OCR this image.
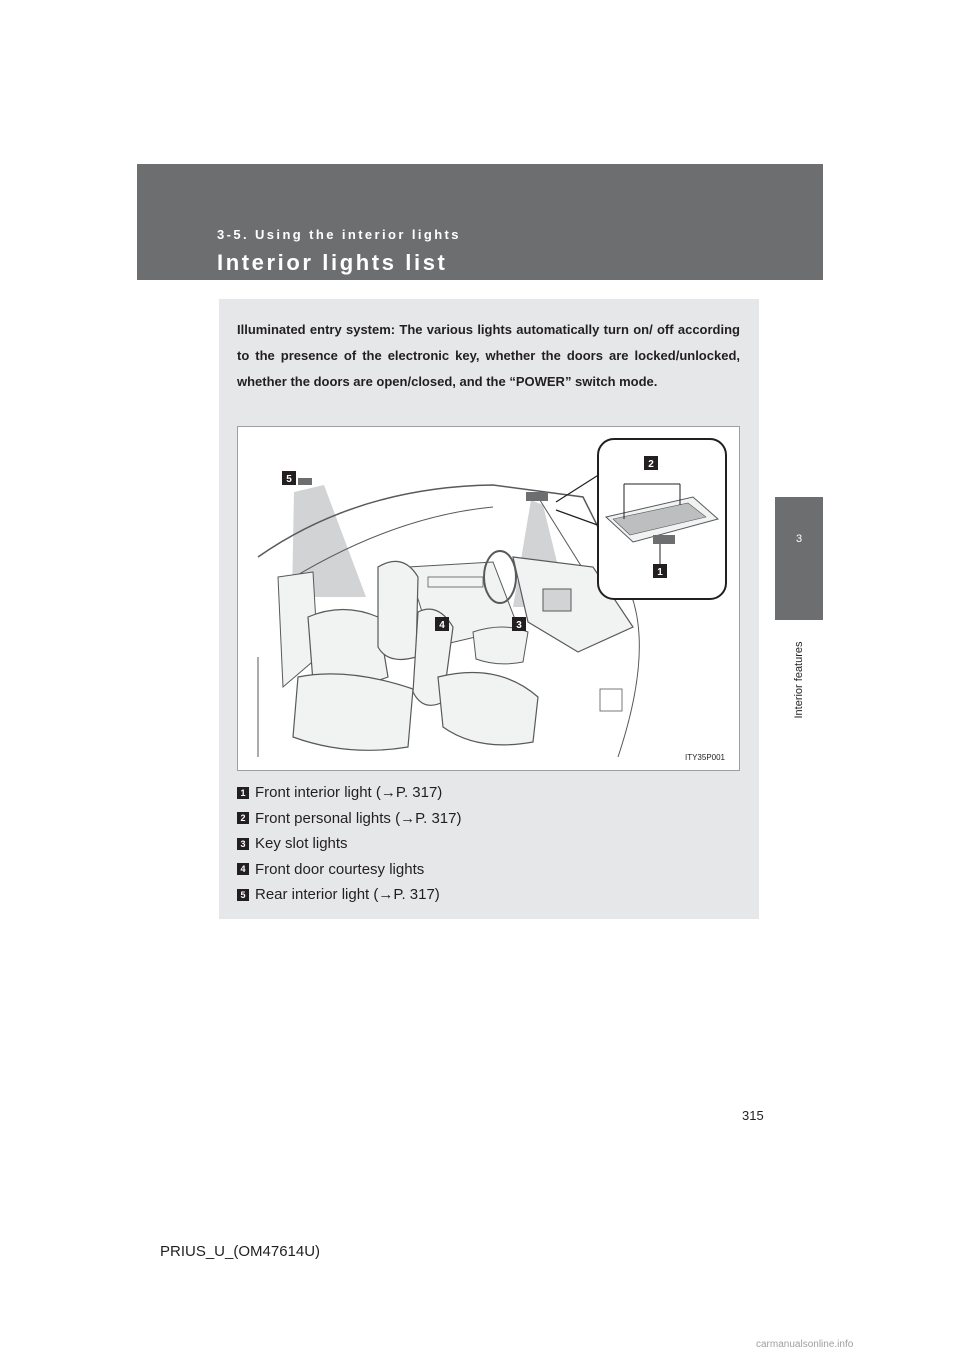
3-5. Using the interior lights
Interior lights list
3
Interior features
Illuminated entry system: The various lights automatically turn on/ off according to the presence of the electronic key, whether the doors are locked/unlocked, whether the doors are open/closed, and the “POWER” switch mode.
2
1
5
4	3
ITY35P001
1 Front interior light (→P. 317)
2 Front personal lights (→P. 317)
3 Key slot lights
4 Front door courtesy lights
5 Rear interior light (→P. 317)
315
PRIUS_U_(OM47614U)
carmanualsonline.info
